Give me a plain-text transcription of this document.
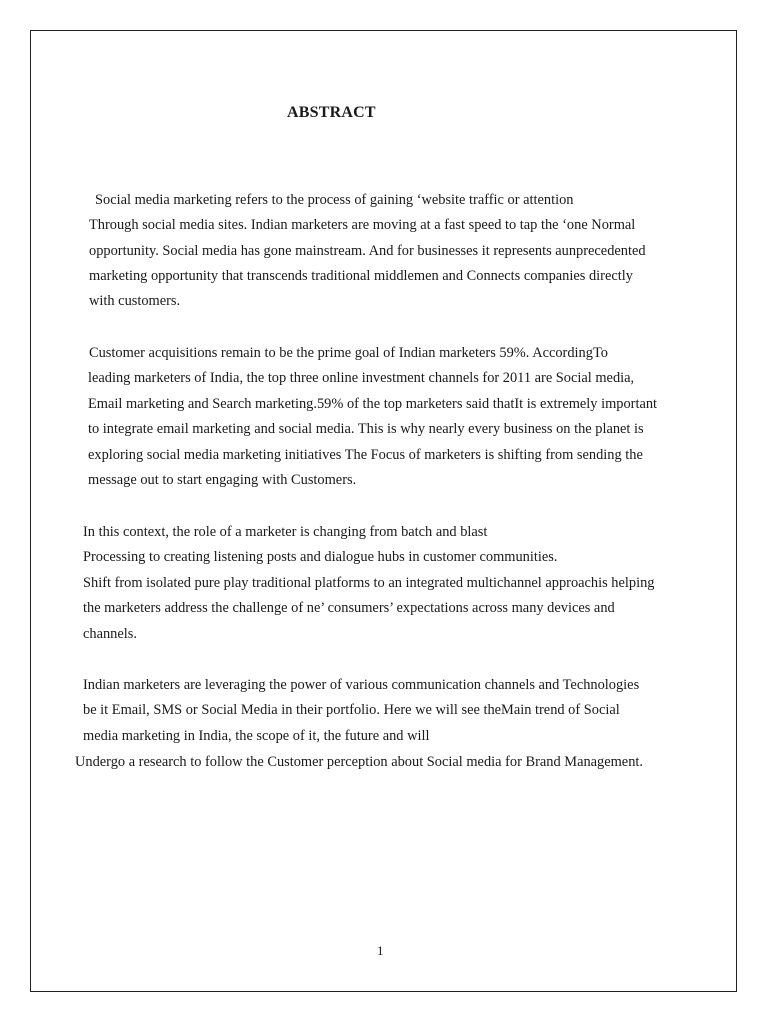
ABSTRACT

Social media marketing refers to the process of gaining ‘website traffic or attention

Through social media sites. Indian marketers are moving at a fast speed to tap the ‘one Normal

opportunity. Social media has gone mainstream. And for businesses it represents aunprecedented

marketing opportunity that transcends traditional middlemen and Connects companies directly

with customers.

Customer acquisitions remain to be the prime goal of Indian marketers 59%. AccordingTo

leading marketers of India, the top three online investment channels for 2011 are Social media,

Email marketing and Search marketing.59% of the top marketers said thatIt is extremely important

to integrate email marketing and social media. This is why nearly every business on the planet is

exploring social media marketing initiatives The Focus of marketers is shifting from sending the

message out to start engaging with Customers.

In this context, the role of a marketer is changing from batch and blast

Processing to creating listening posts and dialogue hubs in customer communities.

Shift from isolated pure play traditional platforms to an integrated multichannel approachis helping

the marketers address the challenge of ne’ consumers’ expectations across many devices and

channels.

Indian marketers are leveraging the power of various communication channels and Technologies

be it Email, SMS or Social Media in their portfolio. Here we will see theMain trend of Social

media marketing in India, the scope of it, the future and will

Undergo a research to follow the Customer perception about Social media for Brand Management.

1
